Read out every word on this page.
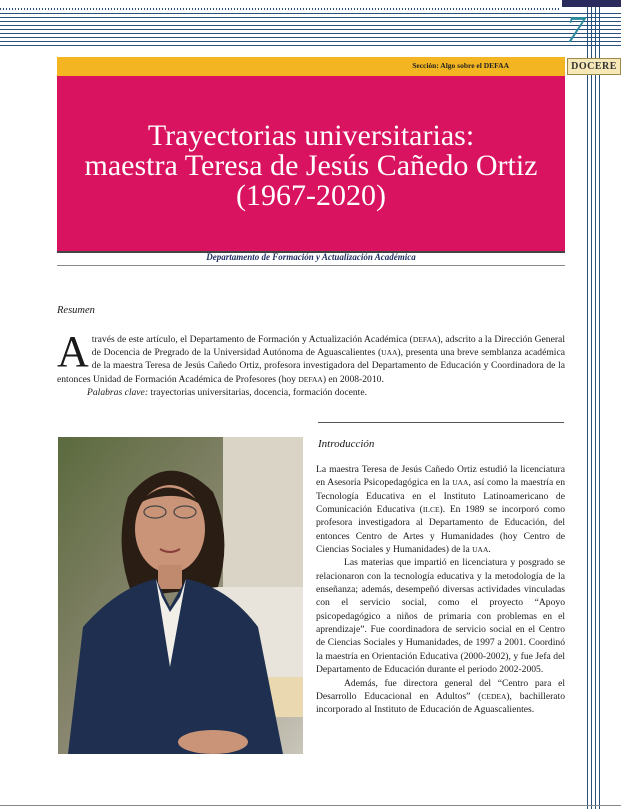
7
Sección: Algo sobre el DEFAA	DOCERE
Trayectorias universitarias:
maestra Teresa de Jesús Cañedo Ortiz
(1967-2020)
Departamento de Formación y Actualización Académica
Resumen
Através de este artículo, el Departamento de Formación y Actualización Académica (DEFAA), adscrito a la Dirección General de Docencia de Pregrado de la Universidad Autónoma de Aguascalientes (UAA), presenta una breve semblanza académica de la maestra Teresa de Jesús Cañedo Ortiz, profesora investigadora del Departamento de Educación y Coordinadora de la entonces Unidad de Formación Académica de Profesores (hoy DEFAA) en 2008-2010.
Palabras clave: trayectorias universitarias, docencia, formación docente.
Introducción

La maestra Teresa de Jesús Cañedo Ortiz estudió la licenciatura en Asesoría Psicopedagógica en la UAA, así como la maestría en Tecnología Educativa en el Instituto Latinoamericano de Comunicación Educativa (ILCE). En 1989 se incorporó como profesora investigadora al Departamento de Educación, del entonces Centro de Artes y Humanidades (hoy Centro de Ciencias Sociales y Humanidades) de la UAA.

Las materias que impartió en licenciatura y posgrado se relacionaron con la tecnología educativa y la metodología de la enseñanza; además, desempeñó diversas actividades vinculadas con el servicio social, como el proyecto “Apoyo psicopedagógico a niños de primaria con problemas en el aprendizaje”. Fue coordinadora de servicio social en el Centro de Ciencias Sociales y Humanidades, de 1997 a 2001. Coordinó la maestría en Orientación Educativa (2000-2002), y fue Jefa del Departamento de Educación durante el periodo 2002-2005.

Además, fue directora general del “Centro para el Desarrollo Educacional en Adultos” (CEDEA), bachillerato incorporado al Instituto de Educación de Aguascalientes.
